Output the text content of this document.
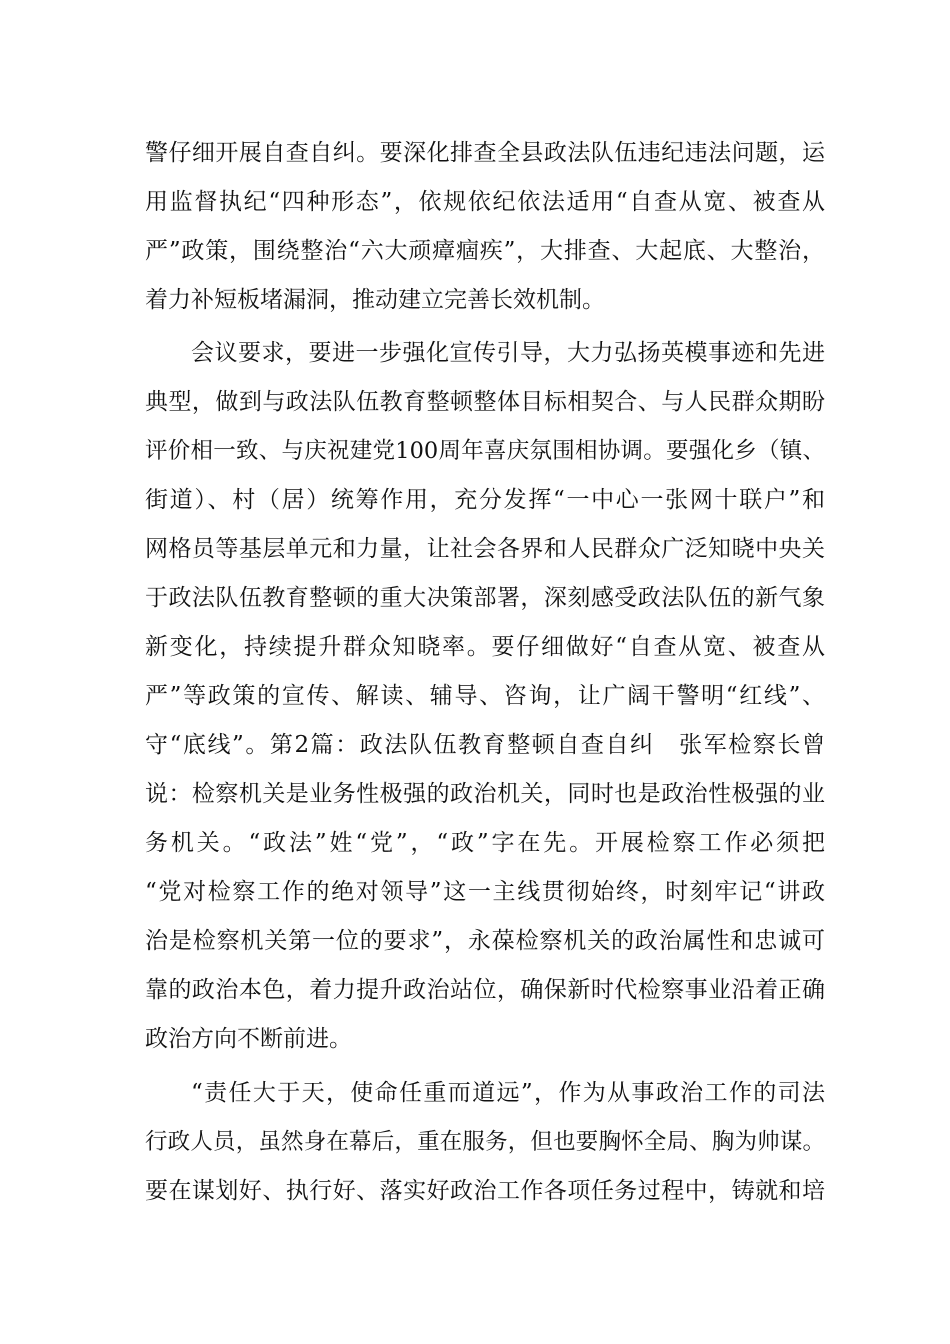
警仔细开展自查自纠。要深化排查全县政法队伍违纪违法问题，运
用监督执纪“四种形态”，依规依纪依法适用“自查从宽、被查从
严”政策，围绕整治“六大顽瘴痼疾”，大排查、大起底、大整治，
着力补短板堵漏洞，推动建立完善长效机制。
会议要求，要进一步强化宣传引导，大力弘扬英模事迹和先进
典型，做到与政法队伍教育整顿整体目标相契合、与人民群众期盼
评价相一致、与庆祝建党100周年喜庆氛围相协调。要强化乡（镇、
街道）、村（居）统筹作用，充分发挥“一中心一张网十联户”和
网格员等基层单元和力量，让社会各界和人民群众广泛知晓中央关
于政法队伍教育整顿的重大决策部署，深刻感受政法队伍的新气象
新变化，持续提升群众知晓率。要仔细做好“自查从宽、被查从
严”等政策的宣传、解读、辅导、咨询，让广阔干警明“红线”、
守“底线”。第2篇：政法队伍教育整顿自查自纠　张军检察长曾
说：检察机关是业务性极强的政治机关，同时也是政治性极强的业
务机关。“政法”姓“党”，“政”字在先。开展检察工作必须把
“党对检察工作的绝对领导”这一主线贯彻始终，时刻牢记“讲政
治是检察机关第一位的要求”，永葆检察机关的政治属性和忠诚可
靠的政治本色，着力提升政治站位，确保新时代检察事业沿着正确
政治方向不断前进。
“责任大于天，使命任重而道远”，作为从事政治工作的司法
行政人员，虽然身在幕后，重在服务，但也要胸怀全局、胸为帅谋。
要在谋划好、执行好、落实好政治工作各项任务过程中，铸就和培
